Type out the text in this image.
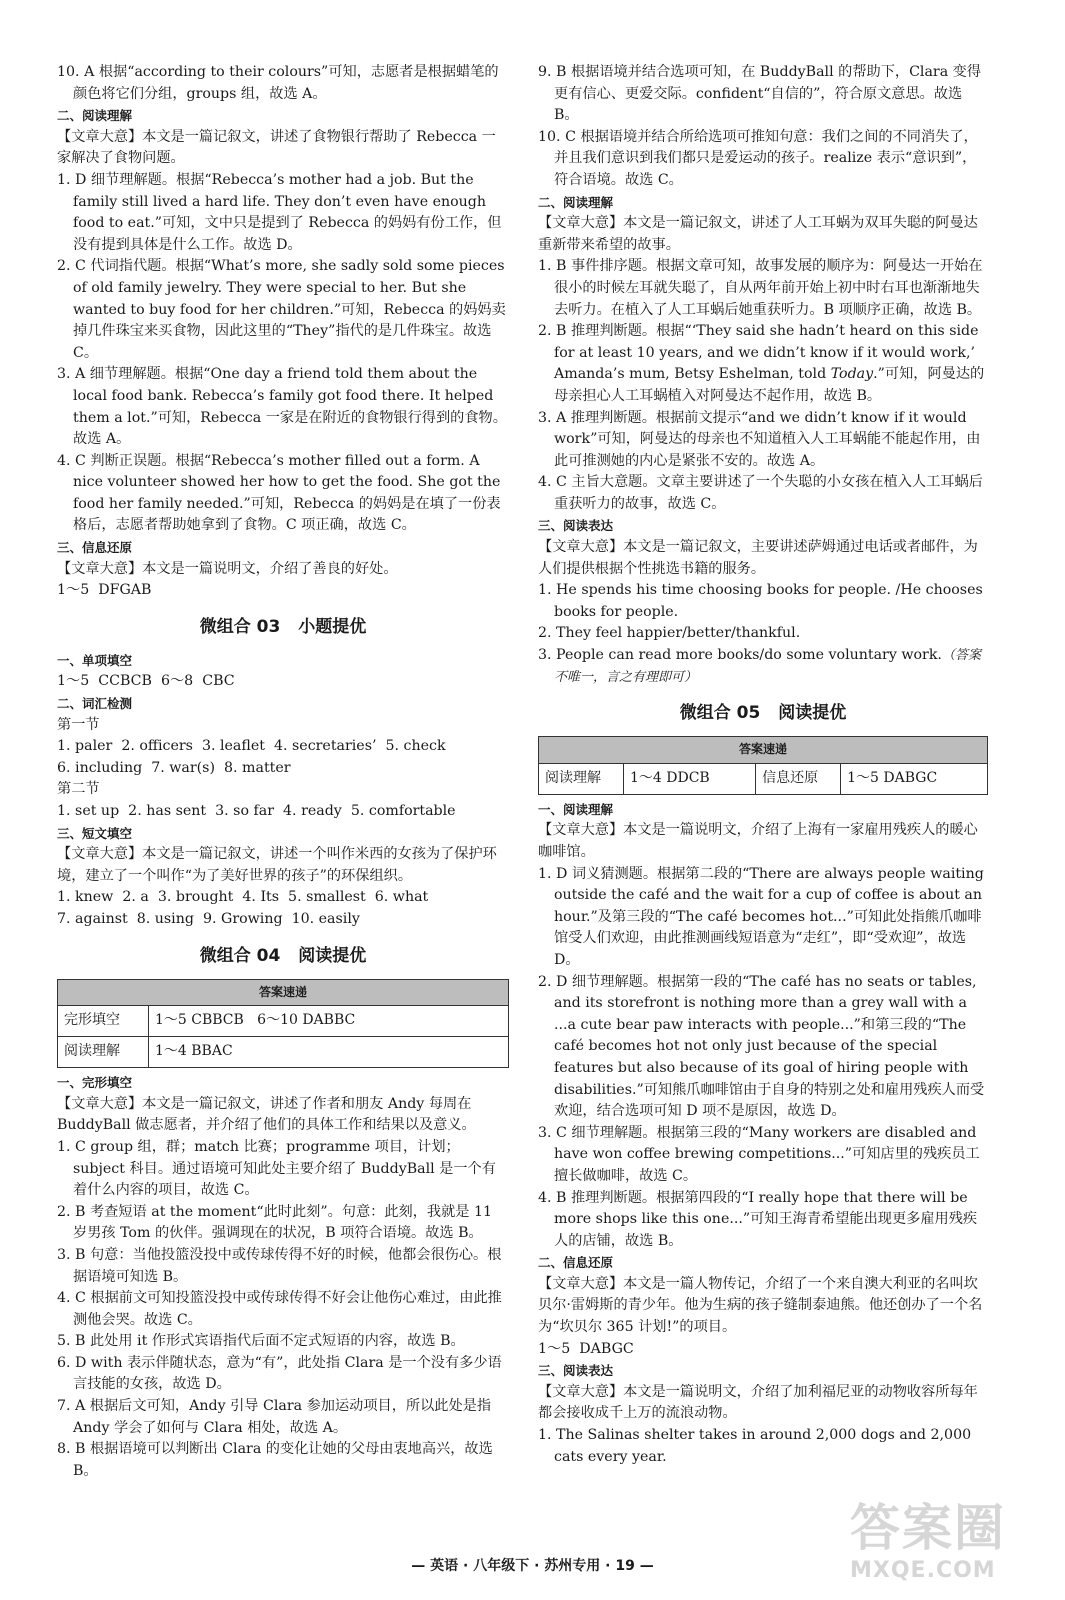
10. A 根据“according to their colours”可知，志愿者是根据蜡笔的颜色将它们分组，groups 组，故选 A。

二、阅读理解

【文章大意】本文是一篇记叙文，讲述了食物银行帮助了 Rebecca 一家解决了食物问题。

1. D 细节理解题。根据“Rebecca’s mother had a job. But the family still lived a hard life. They don’t even have enough food to eat.”可知，文中只是提到了 Rebecca 的妈妈有份工作，但没有提到具体是什么工作。故选 D。

2. C 代词指代题。根据“What’s more, she sadly sold some pieces of old family jewelry. They were special to her. But she wanted to buy food for her children.”可知，Rebecca 的妈妈卖掉几件珠宝来买食物，因此这里的“They”指代的是几件珠宝。故选 C。

3. A 细节理解题。根据“One day a friend told them about the local food bank. Rebecca’s family got food there. It helped them a lot.”可知，Rebecca 一家是在附近的食物银行得到的食物。故选 A。

4. C 判断正误题。根据“Rebecca’s mother filled out a form. A nice volunteer showed her how to get the food. She got the food her family needed.”可知，Rebecca 的妈妈是在填了一份表格后，志愿者帮助她拿到了食物。C 项正确，故选 C。

三、信息还原

【文章大意】本文是一篇说明文，介绍了善良的好处。

1～5  DFGAB

微组合 03 小题提优

一、单项填空

1～5  CCBCB  6～8  CBC

二、词汇检测

第一节

1. paler  2. officers  3. leaflet  4. secretaries’  5. check

6. including  7. war(s)  8. matter

第二节

1. set up  2. has sent  3. so far  4. ready  5. comfortable

三、短文填空

【文章大意】本文是一篇记叙文，讲述一个叫作米西的女孩为了保护环境，建立了一个叫作“为了美好世界的孩子”的环保组织。

1. knew  2. a  3. brought  4. Its  5. smallest  6. what

7. against  8. using  9. Growing  10. easily

微组合 04 阅读提优
答案速递	
完形填空	1～5 CBBCB   6～10 DABBC
阅读理解	1～4 BBAC

一、完形填空

【文章大意】本文是一篇记叙文，讲述了作者和朋友 Andy 每周在 BuddyBall 做志愿者，并介绍了他们的具体工作和结果以及意义。

1. C group 组，群；match 比赛；programme 项目，计划；subject 科目。通过语境可知此处主要介绍了 BuddyBall 是一个有着什么内容的项目，故选 C。

2. B 考查短语 at the moment“此时此刻”。句意：此刻，我就是 11 岁男孩 Tom 的伙伴。强调现在的状况，B 项符合语境。故选 B。

3. B 句意：当他投篮没投中或传球传得不好的时候，他都会很伤心。根据语境可知选 B。

4. C 根据前文可知投篮没投中或传球传得不好会让他伤心难过，由此推测他会哭。故选 C。

5. B 此处用 it 作形式宾语指代后面不定式短语的内容，故选 B。

6. D with 表示伴随状态，意为“有”，此处指 Clara 是一个没有多少语言技能的女孩，故选 D。

7. A 根据后文可知，Andy 引导 Clara 参加运动项目，所以此处是指 Andy 学会了如何与 Clara 相处，故选 A。

8. B 根据语境可以判断出 Clara 的变化让她的父母由衷地高兴，故选 B。

9. B 根据语境并结合选项可知，在 BuddyBall 的帮助下，Clara 变得更有信心、更爱交际。confident“自信的”，符合原文意思。故选 B。

10. C 根据语境并结合所给选项可推知句意：我们之间的不同消失了，并且我们意识到我们都只是爱运动的孩子。realize 表示“意识到”，符合语境。故选 C。

二、阅读理解

【文章大意】本文是一篇记叙文，讲述了人工耳蜗为双耳失聪的阿曼达重新带来希望的故事。

1. B 事件排序题。根据文章可知，故事发展的顺序为：阿曼达一开始在很小的时候左耳就失聪了，自从两年前开始上初中时右耳也渐渐地失去听力。在植入了人工耳蜗后她重获听力。B 项顺序正确，故选 B。

2. B 推理判断题。根据“‘They said she hadn’t heard on this side for at least 10 years, and we didn’t know if it would work,’ Amanda’s mum, Betsy Eshelman, told Today.”可知，阿曼达的母亲担心人工耳蜗植入对阿曼达不起作用，故选 B。

3. A 推理判断题。根据前文提示“and we didn’t know if it would work”可知，阿曼达的母亲也不知道植入人工耳蜗能不能起作用，由此可推测她的内心是紧张不安的。故选 A。

4. C 主旨大意题。文章主要讲述了一个失聪的小女孩在植入人工耳蜗后重获听力的故事，故选 C。

三、阅读表达

【文章大意】本文是一篇记叙文，主要讲述萨姆通过电话或者邮件，为人们提供根据个性挑选书籍的服务。

1. He spends his time choosing books for people. /He chooses books for people.

2. They feel happier/better/thankful.

3. People can read more books/do some voluntary work.（答案不唯一，言之有理即可）

微组合 05 阅读提优
答案速递
阅读理解	1～4 DDCB	信息还原	1～5 DABGC

一、阅读理解

【文章大意】本文是一篇说明文，介绍了上海有一家雇用残疾人的暖心咖啡馆。

1. D 词义猜测题。根据第二段的“There are always people waiting outside the café and the wait for a cup of coffee is about an hour.”及第三段的“The café becomes hot...”可知此处指熊爪咖啡馆受人们欢迎，由此推测画线短语意为“走红”，即“受欢迎”，故选 D。

2. D 细节理解题。根据第一段的“The café has no seats or tables, and its storefront is nothing more than a grey wall with a ...a cute bear paw interacts with people...”和第三段的“The café becomes hot not only just because of the special features but also because of its goal of hiring people with disabilities.”可知熊爪咖啡馆由于自身的特别之处和雇用残疾人而受欢迎，结合选项可知 D 项不是原因，故选 D。

3. C 细节理解题。根据第三段的“Many workers are disabled and have won coffee brewing competitions...”可知店里的残疾员工擅长做咖啡，故选 C。

4. B 推理判断题。根据第四段的“I really hope that there will be more shops like this one...”可知王海青希望能出现更多雇用残疾人的店铺，故选 B。

二、信息还原

【文章大意】本文是一篇人物传记，介绍了一个来自澳大利亚的名叫坎贝尔·雷姆斯的青少年。他为生病的孩子缝制泰迪熊。他还创办了一个名为“坎贝尔 365 计划!”的项目。

1～5  DABGC

三、阅读表达

【文章大意】本文是一篇说明文，介绍了加利福尼亚的动物收容所每年都会接收成千上万的流浪动物。

1. The Salinas shelter takes in around 2,000 dogs and 2,000 cats every year.

— 英语 · 八年级下 · 苏州专用 · 19 —
答案圈
MXQE.COM
